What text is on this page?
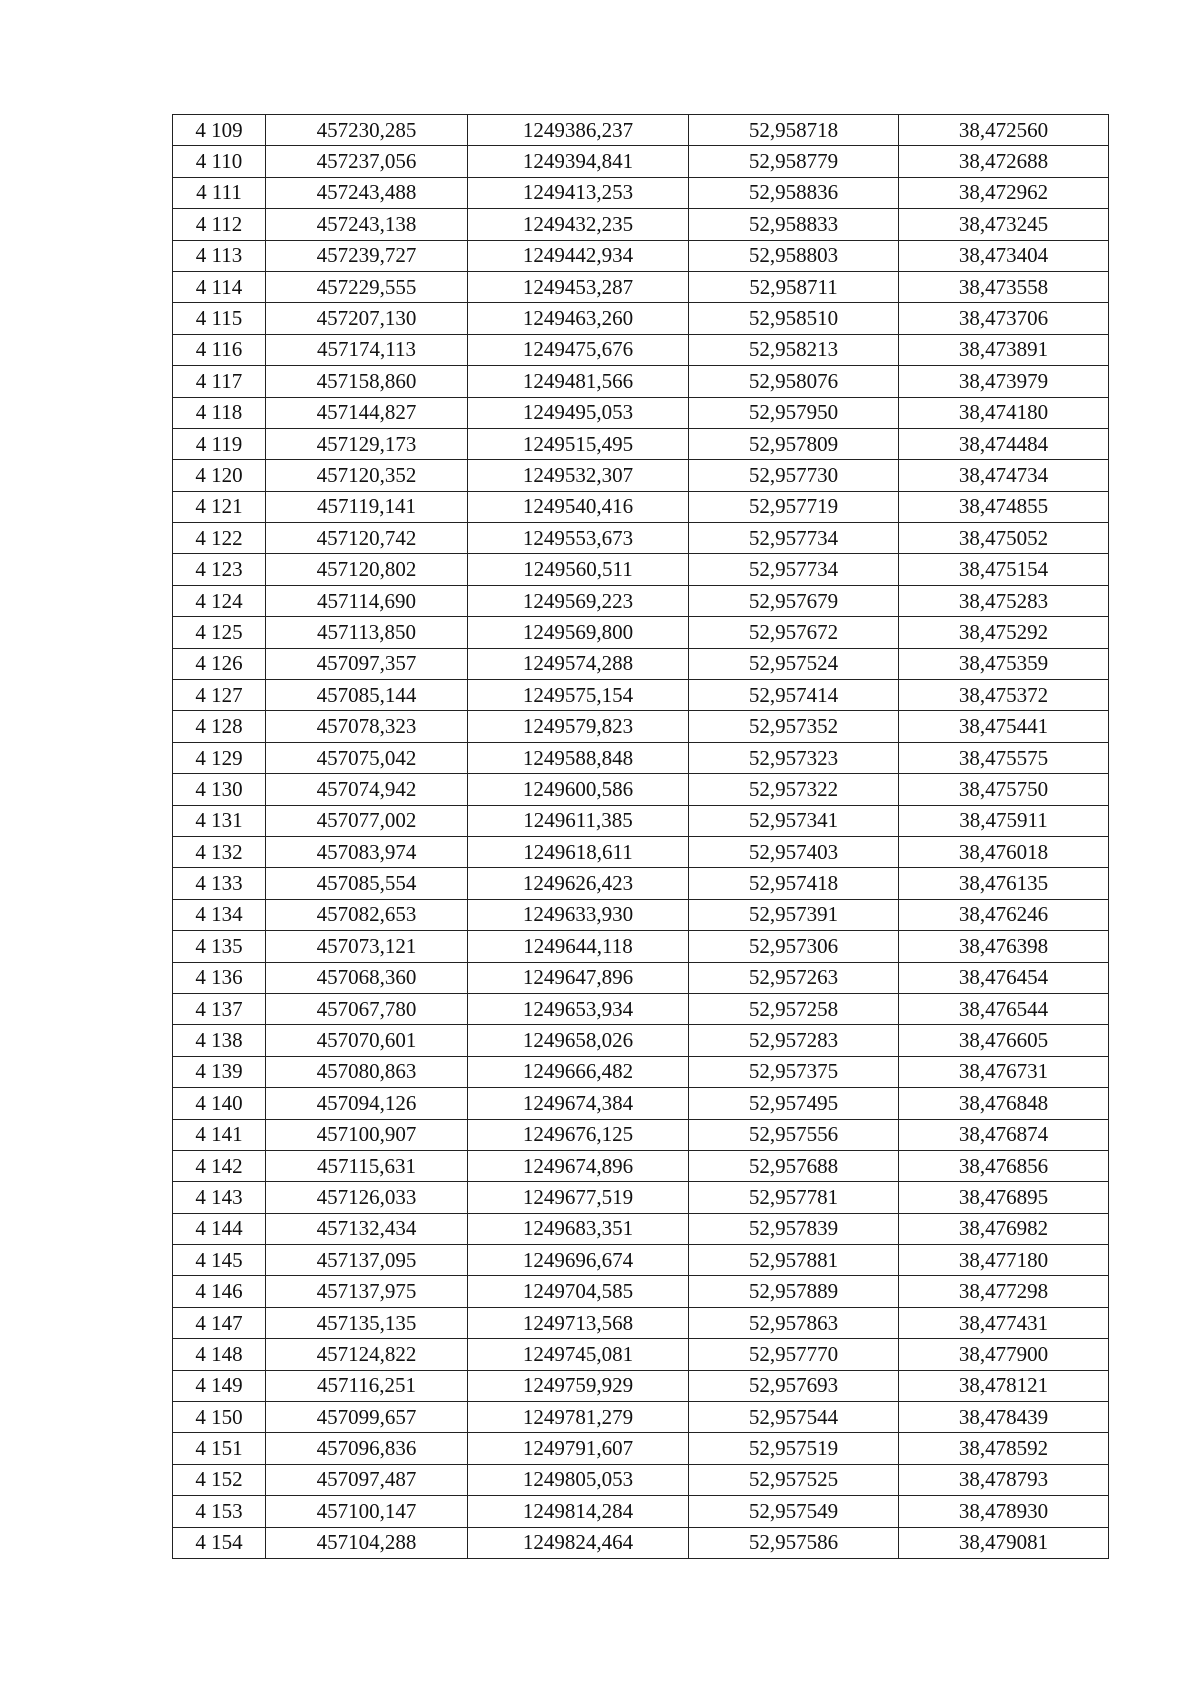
4 109	457230,285	1249386,237	52,958718	38,472560
4 110	457237,056	1249394,841	52,958779	38,472688
4 111	457243,488	1249413,253	52,958836	38,472962
4 112	457243,138	1249432,235	52,958833	38,473245
4 113	457239,727	1249442,934	52,958803	38,473404
4 114	457229,555	1249453,287	52,958711	38,473558
4 115	457207,130	1249463,260	52,958510	38,473706
4 116	457174,113	1249475,676	52,958213	38,473891
4 117	457158,860	1249481,566	52,958076	38,473979
4 118	457144,827	1249495,053	52,957950	38,474180
4 119	457129,173	1249515,495	52,957809	38,474484
4 120	457120,352	1249532,307	52,957730	38,474734
4 121	457119,141	1249540,416	52,957719	38,474855
4 122	457120,742	1249553,673	52,957734	38,475052
4 123	457120,802	1249560,511	52,957734	38,475154
4 124	457114,690	1249569,223	52,957679	38,475283
4 125	457113,850	1249569,800	52,957672	38,475292
4 126	457097,357	1249574,288	52,957524	38,475359
4 127	457085,144	1249575,154	52,957414	38,475372
4 128	457078,323	1249579,823	52,957352	38,475441
4 129	457075,042	1249588,848	52,957323	38,475575
4 130	457074,942	1249600,586	52,957322	38,475750
4 131	457077,002	1249611,385	52,957341	38,475911
4 132	457083,974	1249618,611	52,957403	38,476018
4 133	457085,554	1249626,423	52,957418	38,476135
4 134	457082,653	1249633,930	52,957391	38,476246
4 135	457073,121	1249644,118	52,957306	38,476398
4 136	457068,360	1249647,896	52,957263	38,476454
4 137	457067,780	1249653,934	52,957258	38,476544
4 138	457070,601	1249658,026	52,957283	38,476605
4 139	457080,863	1249666,482	52,957375	38,476731
4 140	457094,126	1249674,384	52,957495	38,476848
4 141	457100,907	1249676,125	52,957556	38,476874
4 142	457115,631	1249674,896	52,957688	38,476856
4 143	457126,033	1249677,519	52,957781	38,476895
4 144	457132,434	1249683,351	52,957839	38,476982
4 145	457137,095	1249696,674	52,957881	38,477180
4 146	457137,975	1249704,585	52,957889	38,477298
4 147	457135,135	1249713,568	52,957863	38,477431
4 148	457124,822	1249745,081	52,957770	38,477900
4 149	457116,251	1249759,929	52,957693	38,478121
4 150	457099,657	1249781,279	52,957544	38,478439
4 151	457096,836	1249791,607	52,957519	38,478592
4 152	457097,487	1249805,053	52,957525	38,478793
4 153	457100,147	1249814,284	52,957549	38,478930
4 154	457104,288	1249824,464	52,957586	38,479081
